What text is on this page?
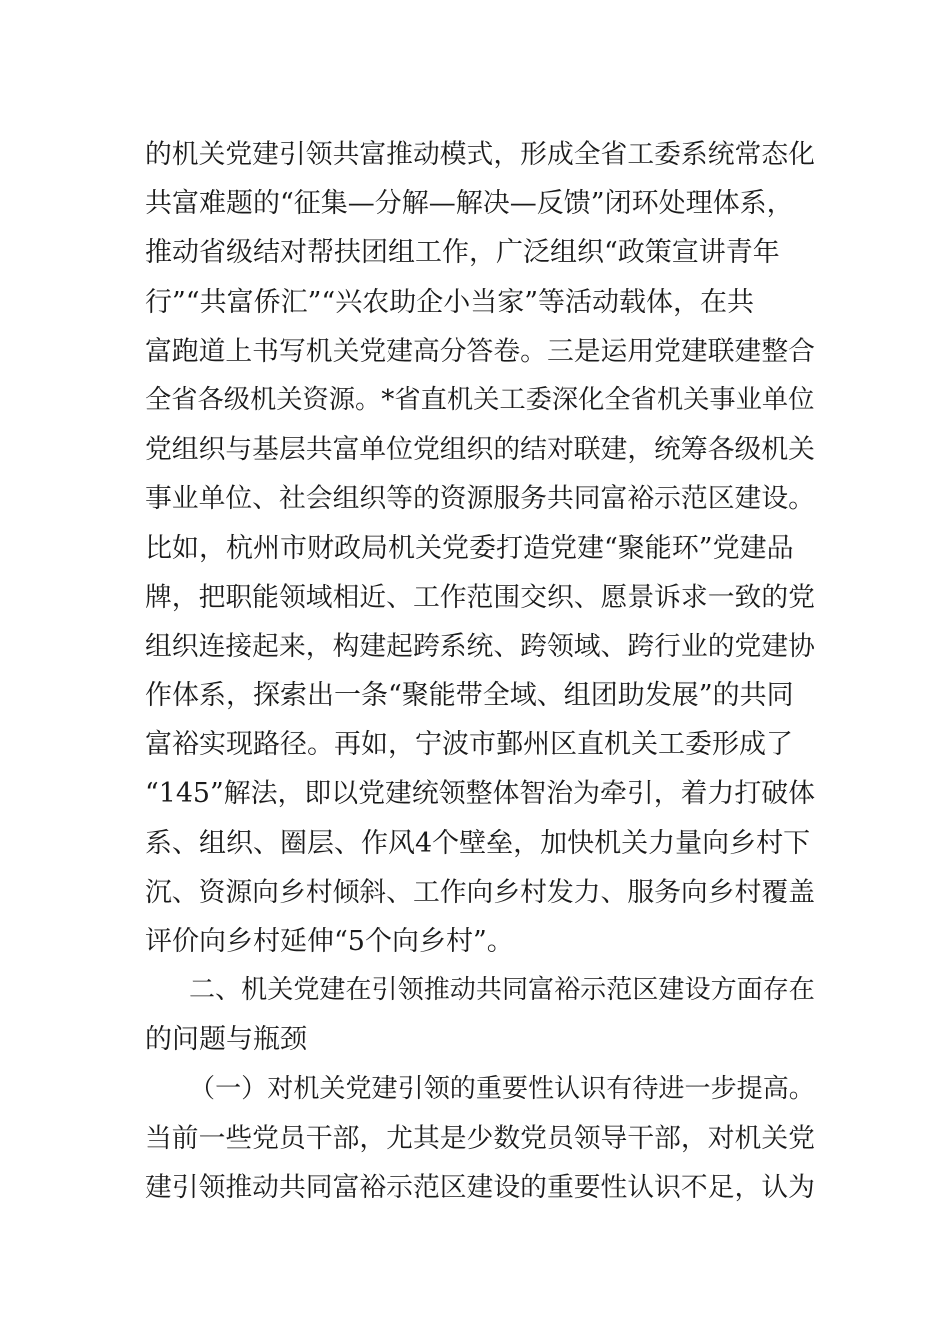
的机关党建引领共富推动模式，形成全省工委系统常态化
共富难题的“征集—分解—解决—反馈”闭环处理体系，
推动省级结对帮扶团组工作，广泛组织“政策宣讲青年
行”“共富侨汇”“兴农助企小当家”等活动载体，在共
富跑道上书写机关党建高分答卷。三是运用党建联建整合
全省各级机关资源。*省直机关工委深化全省机关事业单位
党组织与基层共富单位党组织的结对联建，统筹各级机关
事业单位、社会组织等的资源服务共同富裕示范区建设。
比如，杭州市财政局机关党委打造党建“聚能环”党建品
牌，把职能领域相近、工作范围交织、愿景诉求一致的党
组织连接起来，构建起跨系统、跨领域、跨行业的党建协
作体系，探索出一条“聚能带全域、组团助发展”的共同
富裕实现路径。再如，宁波市鄞州区直机关工委形成了
“145”解法，即以党建统领整体智治为牵引，着力打破体
系、组织、圈层、作风4个壁垒，加快机关力量向乡村下
沉、资源向乡村倾斜、工作向乡村发力、服务向乡村覆盖
评价向乡村延伸“5个向乡村”。
二、机关党建在引领推动共同富裕示范区建设方面存在
的问题与瓶颈
（一）对机关党建引领的重要性认识有待进一步提高。
当前一些党员干部，尤其是少数党员领导干部，对机关党
建引领推动共同富裕示范区建设的重要性认识不足，认为
